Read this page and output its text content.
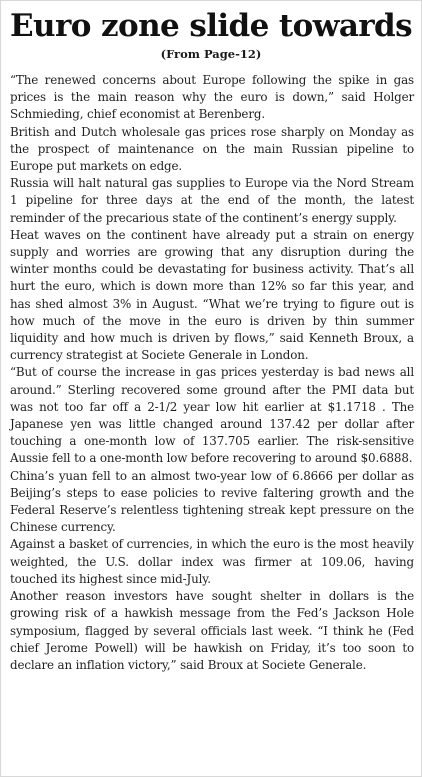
Euro zone slide towards
(From Page-12)

“The renewed concerns about Europe following the spike in gas prices is the main reason why the euro is down,” said Holger Schmieding, chief economist at Berenberg.

British and Dutch wholesale gas prices rose sharply on Monday as the prospect of maintenance on the main Russian pipeline to Europe put markets on edge.

Russia will halt natural gas supplies to Europe via the Nord Stream 1 pipeline for three days at the end of the month, the latest reminder of the precarious state of the continent’s energy supply.

Heat waves on the continent have already put a strain on energy supply and worries are growing that any disruption during the winter months could be devastating for business activity. That’s all hurt the euro, which is down more than 12% so far this year, and has shed almost 3% in August. “What we’re trying to figure out is how much of the move in the euro is driven by thin summer liquidity and how much is driven by flows,” said Kenneth Broux, a currency strategist at Societe Generale in London.

“But of course the increase in gas prices yesterday is bad news all around.” Sterling recovered some ground after the PMI data but was not too far off a 2-1/2 year low hit earlier at $1.1718 . The Japanese yen was little changed around 137.42 per dollar after touching a one-month low of 137.705 earlier. The risk-sensitive Aussie fell to a one-month low before recovering to around $0.6888.

China’s yuan fell to an almost two-year low of 6.8666 per dollar as Beijing’s steps to ease policies to revive faltering growth and the Federal Reserve’s relentless tightening streak kept pressure on the Chinese currency.

Against a basket of currencies, in which the euro is the most heavily weighted, the U.S. dollar index was firmer at 109.06, having touched its highest since mid-July.

Another reason investors have sought shelter in dollars is the growing risk of a hawkish message from the Fed’s Jackson Hole symposium, flagged by several officials last week. “I think he (Fed chief Jerome Powell) will be hawkish on Friday, it’s too soon to declare an inflation victory,” said Broux at Societe Generale.
